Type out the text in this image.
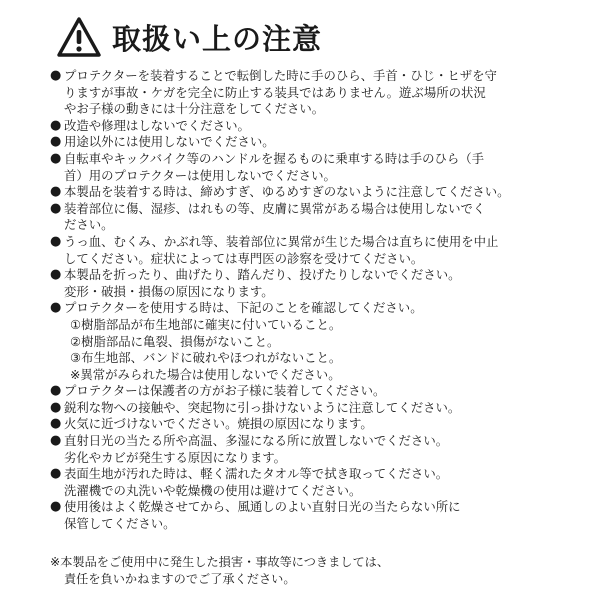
取扱い上の注意
● プロテクターを装着することで転倒した時に手のひら、手首・ひじ・ヒザを守
りますが事故・ケガを完全に防止する装具ではありません。遊ぶ場所の状況
やお子様の動きには十分注意をしてください。
● 改造や修理はしないでください。
● 用途以外には使用しないでください。
● 自転車やキックバイク等のハンドルを握るものに乗車する時は手のひら（手
首）用のプロテクターは使用しないでください。
● 本製品を装着する時は、締めすぎ、ゆるめすぎのないように注意してください。
● 装着部位に傷、湿疹、はれもの等、皮膚に異常がある場合は使用しないでく
ださい。
● うっ血、むくみ、かぶれ等、装着部位に異常が生じた場合は直ちに使用を中止
してください。症状によっては専門医の診察を受けてください。
● 本製品を折ったり、曲げたり、踏んだり、投げたりしないでください。
変形・破損・損傷の原因になります。
● プロテクターを使用する時は、下記のことを確認してください。
①樹脂部品が布生地部に確実に付いていること。
②樹脂部品に亀裂、損傷がないこと。
③布生地部、バンドに破れやほつれがないこと。
※異常がみられた場合は使用しないでください。
● プロテクターは保護者の方がお子様に装着してください。
● 鋭利な物への接触や、突起物に引っ掛けないように注意してください。
● 火気に近づけないでください。焼損の原因になります。
● 直射日光の当たる所や高温、多湿になる所に放置しないでください。
劣化やカビが発生する原因になります。
● 表面生地が汚れた時は、軽く濡れたタオル等で拭き取ってください。
洗濯機での丸洗いや乾燥機の使用は避けてください。
● 使用後はよく乾燥させてから、風通しのよい直射日光の当たらない所に
保管してください。
※本製品をご使用中に発生した損害・事故等につきましては、
責任を負いかねますのでご了承ください。
